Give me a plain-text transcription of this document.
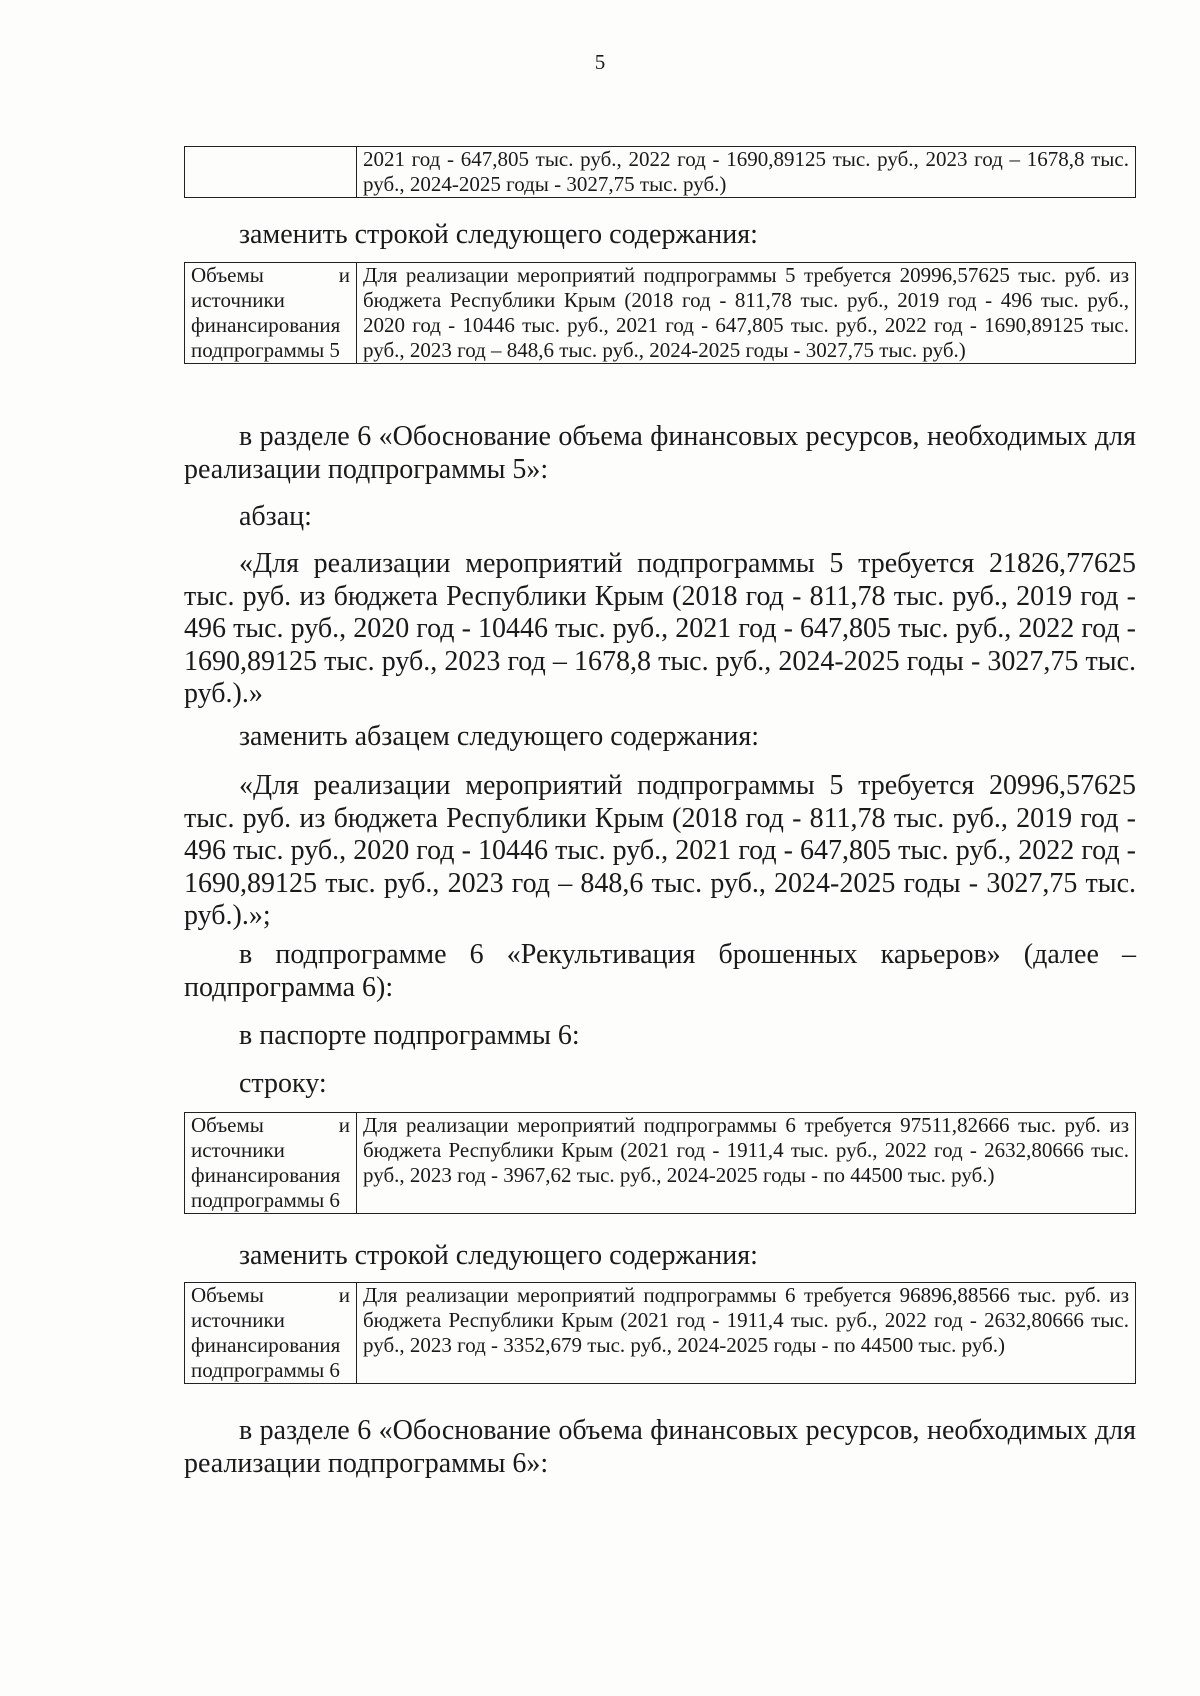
5

2021 год - 647,805 тыс. руб., 2022 год - 1690,89125 тыс. руб., 2023 год – 1678,8 тыс. руб., 2024-2025 годы - 3027,75 тыс. руб.)

заменить строкой следующего содержания:

Объемы	и
источники
финансирования
подпрограммы 5

Для реализации мероприятий подпрограммы 5 требуется 20996,57625 тыс. руб. из бюджета Республики Крым (2018 год - 811,78 тыс. руб., 2019 год - 496 тыс. руб., 2020 год - 10446 тыс. руб., 2021 год - 647,805 тыс. руб., 2022 год - 1690,89125 тыс. руб., 2023 год – 848,6 тыс. руб., 2024-2025 годы - 3027,75 тыс. руб.)

в разделе 6 «Обоснование объема финансовых ресурсов, необходимых для реализации подпрограммы 5»:

абзац:

«Для реализации мероприятий подпрограммы 5 требуется 21826,77625 тыс. руб. из бюджета Республики Крым (2018 год - 811,78 тыс. руб., 2019 год - 496 тыс. руб., 2020 год - 10446 тыс. руб., 2021 год - 647,805 тыс. руб., 2022 год - 1690,89125 тыс. руб., 2023 год – 1678,8 тыс. руб., 2024-2025 годы - 3027,75 тыс. руб.).»

заменить абзацем следующего содержания:

«Для реализации мероприятий подпрограммы 5 требуется 20996,57625 тыс. руб. из бюджета Республики Крым (2018 год - 811,78 тыс. руб., 2019 год - 496 тыс. руб., 2020 год - 10446 тыс. руб., 2021 год - 647,805 тыс. руб., 2022 год - 1690,89125 тыс. руб., 2023 год – 848,6 тыс. руб., 2024-2025 годы - 3027,75 тыс. руб.).»;

в подпрограмме 6 «Рекультивация брошенных карьеров» (далее – подпрограмма 6):

в паспорте подпрограммы 6:

строку:

Объемы	и
источники
финансирования
подпрограммы 6

Для реализации мероприятий подпрограммы 6 требуется 97511,82666 тыс. руб. из бюджета Республики Крым (2021 год - 1911,4 тыс. руб., 2022 год - 2632,80666 тыс. руб., 2023 год - 3967,62 тыс. руб., 2024-2025 годы - по 44500 тыс. руб.)

заменить строкой следующего содержания:

Объемы	и
источники
финансирования
подпрограммы 6

Для реализации мероприятий подпрограммы 6 требуется 96896,88566 тыс. руб. из бюджета Республики Крым (2021 год - 1911,4 тыс. руб., 2022 год - 2632,80666 тыс. руб., 2023 год - 3352,679 тыс. руб., 2024-2025 годы - по 44500 тыс. руб.)

в разделе 6 «Обоснование объема финансовых ресурсов, необходимых для реализации подпрограммы 6»:
